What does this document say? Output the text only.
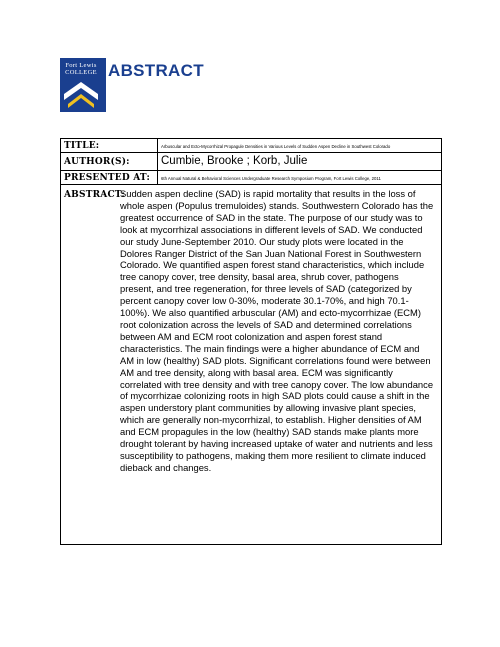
Fort Lewis
COLLEGE ABSTRACT
TITLE:	Arbuscular and Ecto-Mycorrhizal Propagule Densities in Various Levels of Sudden Aspen Decline in Southwest Colorado
AUTHOR(S):	Cumbie, Brooke ; Korb, Julie
PRESENTED AT:	6th Annual Natural & Behavioral Sciences Undergraduate Research Symposium Program, Fort Lewis College, 2011
ABSTRACT:
Sudden aspen decline (SAD) is rapid mortality that results in the loss of whole aspen (Populus tremuloides) stands. Southwestern Colorado has the greatest occurrence of SAD in the state. The purpose of our study was to look at mycorrhizal associations in different levels of SAD. We conducted our study June-September 2010. Our study plots were located in the Dolores Ranger District of the San Juan National Forest in Southwestern Colorado. We quantified aspen forest stand characteristics, which include tree canopy cover, tree density, basal area, shrub cover, pathogens present, and tree regeneration, for three levels of SAD (categorized by percent canopy cover low 0-30%, moderate 30.1-70%, and high 70.1-100%). We also quantified arbuscular (AM) and ecto-mycorrhizae (ECM) root colonization across the levels of SAD and determined correlations between AM and ECM root colonization and aspen forest stand characteristics. The main findings were a higher abundance of ECM and AM in low (healthy) SAD plots. Significant correlations found were between AM and tree density, along with basal area. ECM was significantly correlated with tree density and with tree canopy cover. The low abundance of mycorrhizae colonizing roots in high SAD plots could cause a shift in the aspen understory plant communities by allowing invasive plant species, which are generally non-mycorrhizal, to establish. Higher densities of AM and ECM propagules in the low (healthy) SAD stands make plants more drought tolerant by having increased uptake of water and nutrients and less susceptibility to pathogens, making them more resilient to climate induced dieback and changes.
